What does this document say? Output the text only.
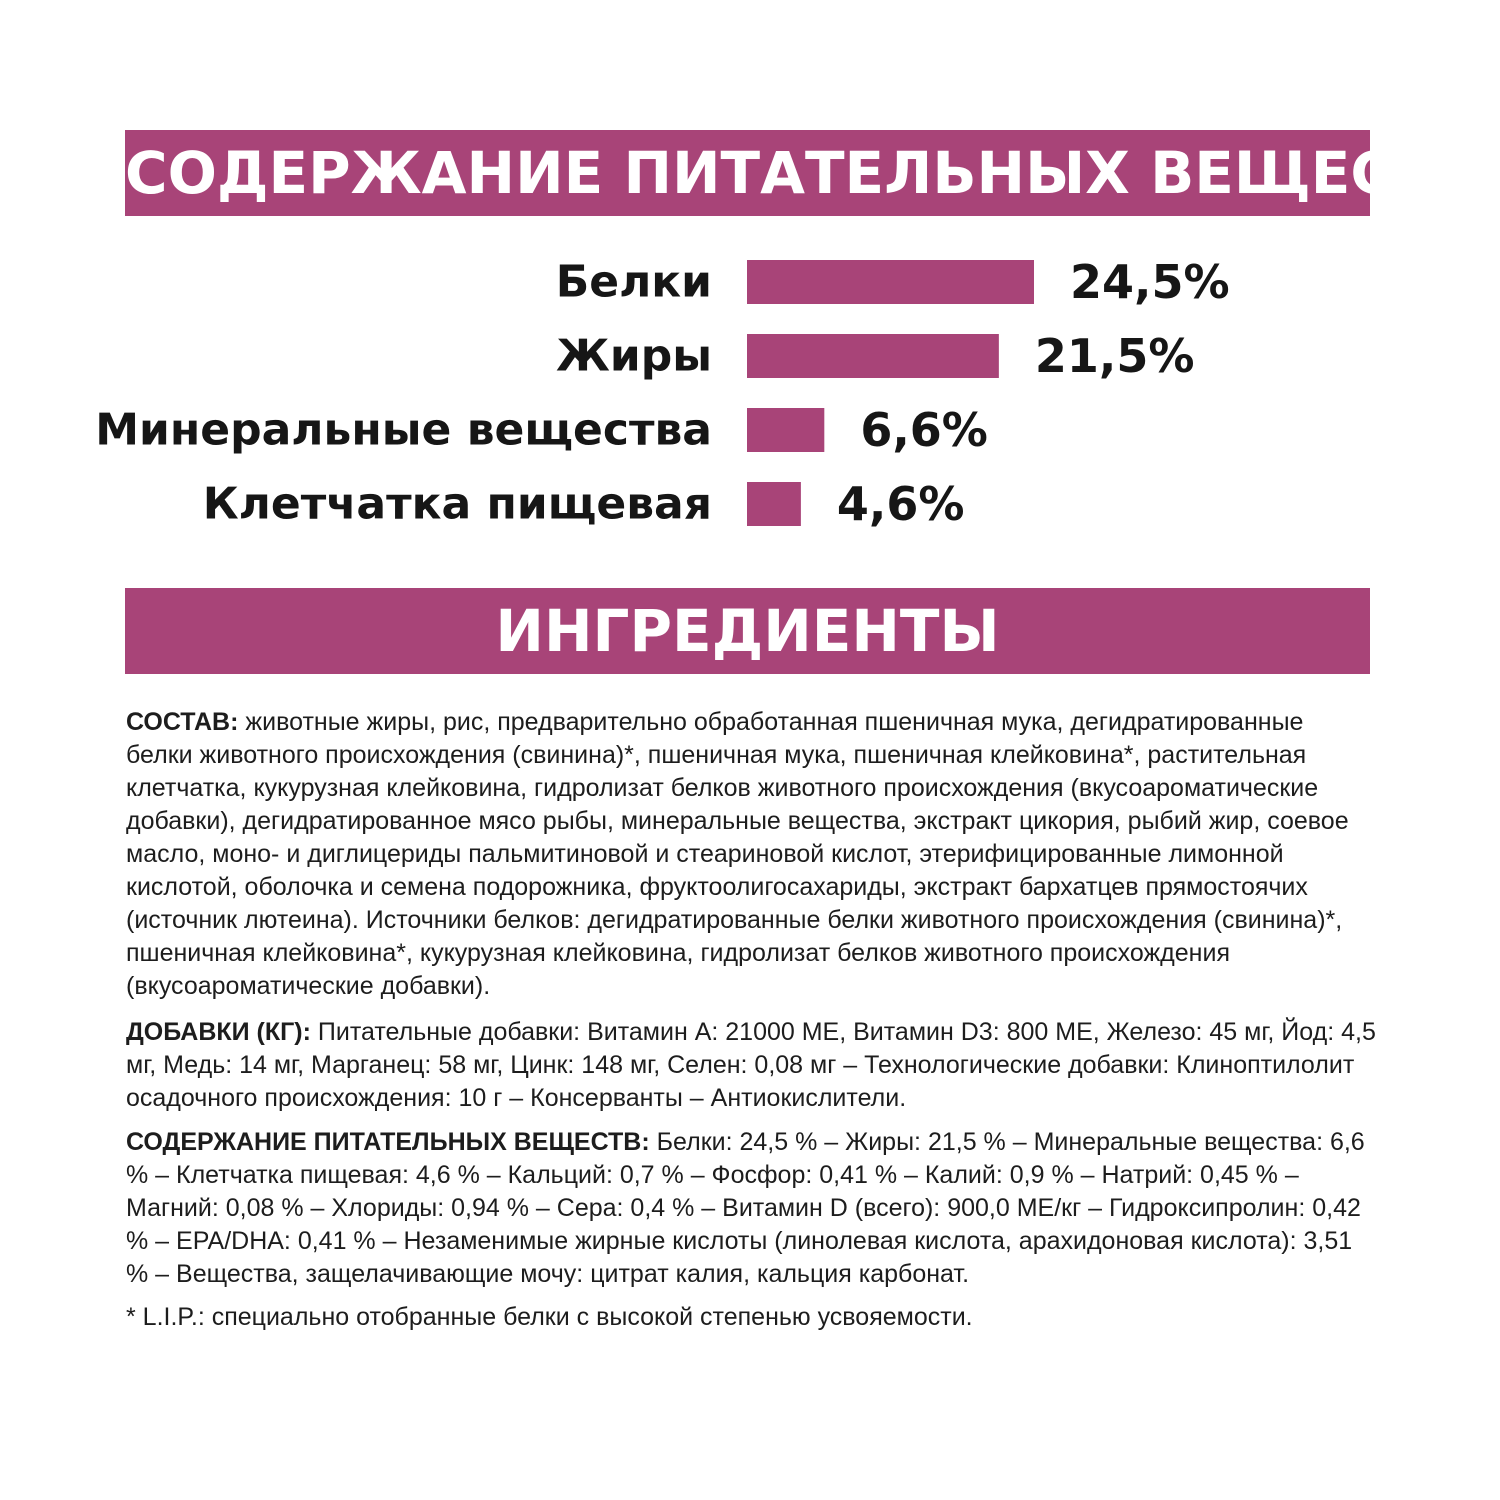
СОДЕРЖАНИЕ ПИТАТЕЛЬНЫХ ВЕЩЕСТВ
Белки	24,5%
Жиры	21,5%
Минеральные вещества	6,6%
Клетчатка пищевая	4,6%
ИНГРЕДИЕНТЫ
СОСТАВ: животные жиры, рис, предварительно обработанная пшеничная мука, дегидратированные белки животного происхождения (свинина)*, пшеничная мука, пшеничная клейковина*, растительная клетчатка, кукурузная клейковина, гидролизат белков животного происхождения (вкусоароматические добавки), дегидратированное мясо рыбы, минеральные вещества, экстракт цикория, рыбий жир, соевое масло, моно- и диглицериды пальмитиновой и стеариновой кислот, этерифицированные лимонной кислотой, оболочка и семена подорожника, фруктоолигосахариды, экстракт бархатцев прямостоячих (источник лютеина). Источники белков: дегидратированные белки животного происхождения (свинина)*, пшеничная клейковина*, кукурузная клейковина, гидролизат белков животного происхождения (вкусоароматические добавки).
ДОБАВКИ (КГ): Питательные добавки: Витамин А: 21000 МЕ, Витамин D3: 800 МЕ, Железо: 45 мг, Йод: 4,5 мг, Медь: 14 мг, Марганец: 58 мг, Цинк: 148 мг, Селен: 0,08 мг – Технологические добавки: Клиноптилолит осадочного происхождения: 10 г – Консерванты – Антиокислители.
СОДЕРЖАНИЕ ПИТАТЕЛЬНЫХ ВЕЩЕСТВ: Белки: 24,5 % – Жиры: 21,5 % – Минеральные вещества: 6,6 % – Клетчатка пищевая: 4,6 % – Кальций: 0,7 % – Фосфор: 0,41 % – Калий: 0,9 % – Натрий: 0,45 % – Магний: 0,08 % – Хлориды: 0,94 % – Сера: 0,4 % – Витамин D (всего): 900,0 МЕ/кг – Гидроксипролин: 0,42 % – EPA/DHA: 0,41 % – Незаменимые жирные кислоты (линолевая кислота, арахидоновая кислота): 3,51 % – Вещества, защелачивающие мочу: цитрат калия, кальция карбонат.
* L.I.P.: специально отобранные белки с высокой степенью усвояемости.
